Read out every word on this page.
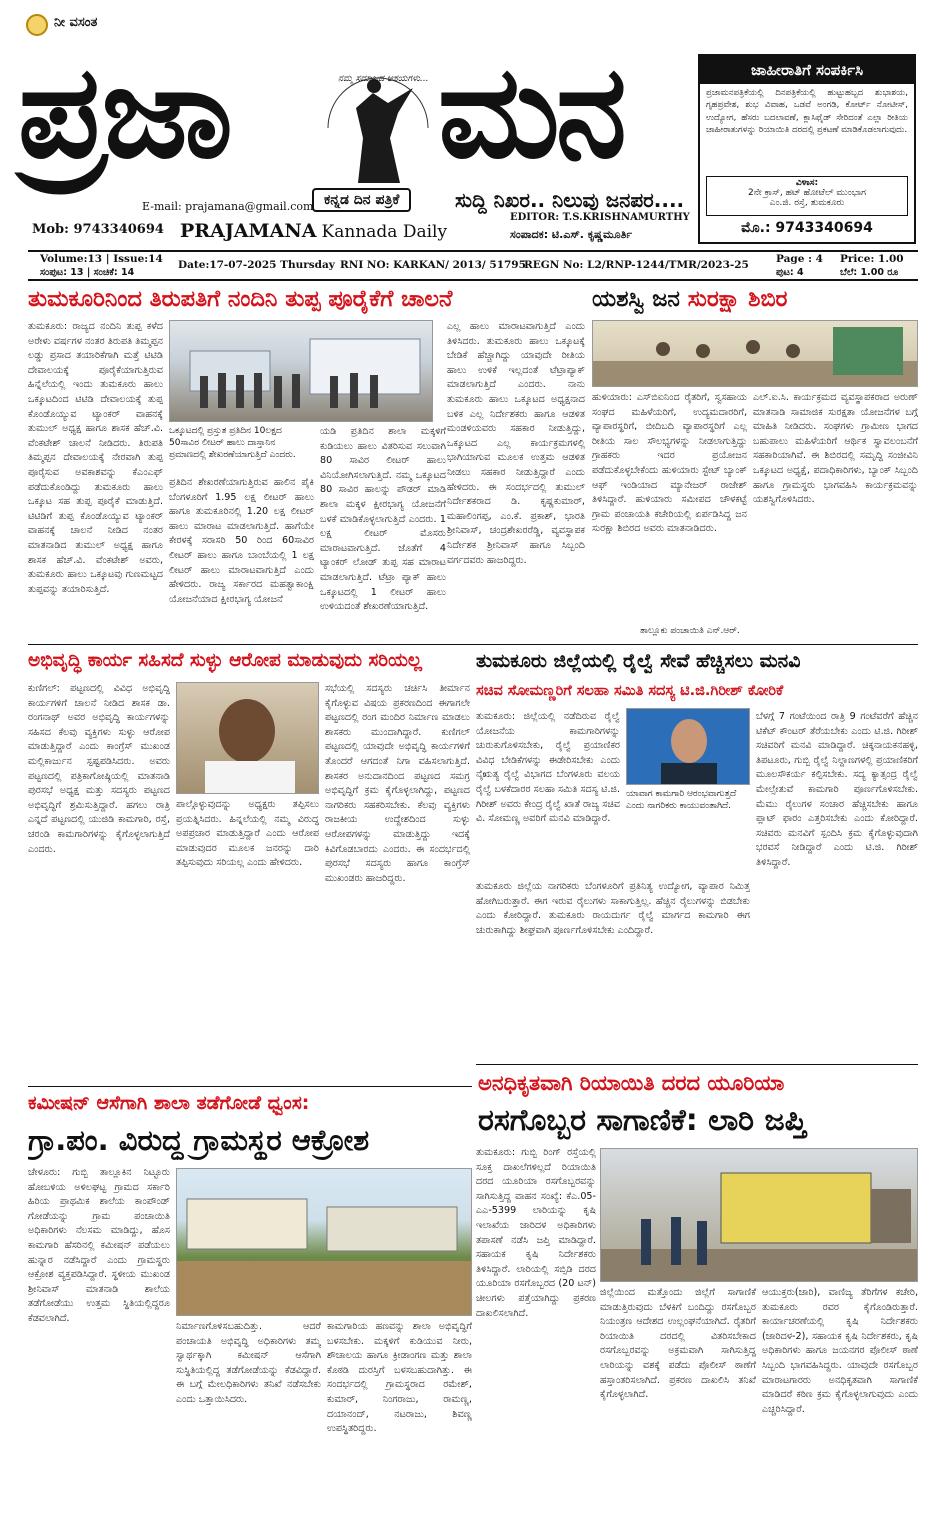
ನೀ ವಸಂತ
ಪ್ರಜಾ	ನಮ್ಮ ಸಮಾಜದ ಆಶಯಗಳು... ಮನ
ಕನ್ನಡ ದಿನ ಪತ್ರಿಕೆ	ಸುದ್ದಿ ನಿಖರ.. ನಿಲುವು ಜನಪರ....
E-mail: prajamana@gmail.com
Mob: 9743340694 PRAJAMANA Kannada Daily
EDITOR: T.S.KRISHNAMURTHY
ಸಂಪಾದಕ: ಟಿ.ಎಸ್. ಕೃಷ್ಣಮೂರ್ತಿ
ಜಾಹೀರಾತಿಗೆ ಸಂಪರ್ಕಿಸಿ
ಪ್ರಜಾಮನಪತ್ರಿಕೆಯಲ್ಲಿ ದಿನಪತ್ರಿಕೆಯಲ್ಲಿ ಹುಟ್ಟುಹಬ್ಬದ ಶುಭಾಶಯ, ಗೃಹಪ್ರವೇಶ, ಶುಭ ವಿವಾಹ, ಒಡವೆ ಅಂಗಡಿ, ಕೋರ್ಟ್ ನೋಟೀಸ್, ಉದ್ಯೋಗ, ಹೆಸರು ಬದಲಾವಣೆ, ಕ್ಲಾಸಿಫೈಡ್ ಸೇರಿದಂತೆ ಎಲ್ಲಾ ರೀತಿಯ ಜಾಹೀರಾತುಗಳನ್ನು ರಿಯಾಯಿತಿ ದರದಲ್ಲಿ ಪ್ರಕಟಣೆ ಮಾಡಿಕೊಡಲಾಗುವುದು.
ವಿಳಾಸ:
2ನೇ ಕ್ರಾಸ್, ಹಟ್ ಹೋಟೆಲ್ ಮುಂಭಾಗ
ಎಂ.ಜಿ. ರಸ್ತೆ, ತುಮಕೂರು
ಮೊ.: 9743340694
Volume:13 | Issue:14
ಸಂಪುಟ: 13 | ಸಂಚಿಕೆ: 14
Date:17-07-2025 Thursday RNI NO: KARKAN/ 2013/ 51795
REGN No: L2/RNP-1244/TMR/2023-25	Page : 4
ಪುಟ: 4
Price: 1.00
ಬೆಲೆ: 1.00 ರೂ
ತುಮಕೂರಿನಿಂದ ತಿರುಪತಿಗೆ ನಂದಿನಿ ತುಪ್ಪ ಪೂರೈಕೆಗೆ ಚಾಲನೆ
ತುಮಕೂರು: ರಾಜ್ಯದ ನಂದಿನಿ ತುಪ್ಪ ಕಳೆದ ಅರೇಳು ವರ್ಷಗಳ ನಂತರ ತಿರುಪತಿ ತಿಮ್ಮಪ್ಪನ ಲಡ್ಡು ಪ್ರಸಾದ ತಯಾರಿಕೆಗಾಗಿ ಮತ್ತೆ ಟಿಟಿಡಿ ದೇವಾಲಯಕ್ಕೆ ಪೂರೈಕೆಯಾಗುತ್ತಿರುವ ಹಿನ್ನೆಲೆಯಲ್ಲಿ ಇಂದು ತುಮಕೂರು ಹಾಲು ಒಕ್ಕೂಟದಿಂದ ಟಿಟಿಡಿ ದೇವಾಲಯಕ್ಕೆ ತುಪ್ಪ ಕೊಂಡೊಯ್ಯುವ ಟ್ಯಾಂಕರ್ ವಾಹನಕ್ಕೆ ತುಮುಲ್ ಅಧ್ಯಕ್ಷ ಹಾಗೂ ಶಾಸಕ ಹೆಚ್.ವಿ. ವೆಂಕಟೇಶ್ ಚಾಲನೆ ನೀಡಿದರು. ತಿರುಪತಿ ತಿಮ್ಮಪ್ಪನ ದೇವಾಲಯಕ್ಕೆ ನೇರವಾಗಿ ತುಪ್ಪ ಪೂರೈಸುವ ಅವಕಾಶವನ್ನು ಕೆಎಂಎಫ್ ಪಡೆದುಕೊಂಡಿದ್ದು ತುಮಕೂರು ಹಾಲು ಒಕ್ಕೂಟ ಸಹ ತುಪ್ಪ ಪೂರೈಕೆ ಮಾಡುತ್ತಿದೆ. ಟಿಟಿಡಿಗೆ ತುಪ್ಪ ಕೊಂಡೊಯ್ಯುವ ಟ್ಯಾಂಕರ್ ವಾಹನಕ್ಕೆ ಚಾಲನೆ ನೀಡಿದ ನಂತರ ಮಾತನಾಡಿದ ತುಮುಲ್ ಅಧ್ಯಕ್ಷ ಹಾಗೂ ಶಾಸಕ ಹೆಚ್.ವಿ. ವೆಂಕಟೇಶ್ ಅವರು, ತುಮಕೂರು ಹಾಲು ಒಕ್ಕೂಟವು ಗುಣಮಟ್ಟದ ತುಪ್ಪವನ್ನು ತಯಾರಿಸುತ್ತಿದೆ.
ಒಕ್ಕೂಟದಲ್ಲಿ ಪ್ರಸ್ತುತ ಪ್ರತಿದಿನ 10ಲಕ್ಷದ 50ಸಾವಿರ ಲೀಟರ್ ಹಾಲು ದಾಸ್ತಾನಿನ ಪ್ರಮಾಣದಲ್ಲಿ ಶೇಖರಣೆಯಾಗುತ್ತಿದೆ ಎಂದರು.
ಪ್ರತಿದಿನ ಶೇಖರಣೆಯಾಗುತ್ತಿರುವ ಹಾಲಿನ ಪೈಕಿ ಬೆಂಗಳೂರಿಗೆ 1.95 ಲಕ್ಷ ಲೀಟರ್ ಹಾಲು ಹಾಗೂ ತುಮಕೂರಿನಲ್ಲಿ 1.20 ಲಕ್ಷ ಲೀಟರ್ ಹಾಲು ಮಾರಾಟ ಮಾಡಲಾಗುತ್ತಿದೆ. ಹಾಗೆಯೇ ಕೇರಳಕ್ಕೆ ಸರಾಸರಿ 50 ರಿಂದ 60ಸಾವಿರ ಲೀಟರ್ ಹಾಲು ಹಾಗೂ ಬಾಂಬೆಯಲ್ಲಿ 1 ಲಕ್ಷ ಲೀಟರ್ ಹಾಲು ಮಾರಾಟವಾಗುತ್ತಿದೆ ಎಂದು ಹೇಳಿದರು. ರಾಜ್ಯ ಸರ್ಕಾರದ ಮಹತ್ವಾಕಾಂಕ್ಷಿ ಯೋಜನೆಯಾದ ಕ್ಷೀರಭಾಗ್ಯ ಯೋಜನೆ
ಯಡಿ ಪ್ರತಿದಿನ ಶಾಲಾ ಮಕ್ಕಳಿಗೆ ಕುಡಿಯಲು ಹಾಲು ವಿತರಿಸುವ ಸಲುವಾಗಿ 80 ಸಾವಿರ ಲೀಟರ್ ಹಾಲು ವಿನಿಯೋಗಿಸಲಾಗುತ್ತಿದೆ. ನಮ್ಮ ಒಕ್ಕೂಟದ 80 ಸಾವಿರ ಹಾಲನ್ನು ಪೌಡರ್ ಮಾಡಿ ಶಾಲಾ ಮಕ್ಕಳ ಕ್ಷೀರಭಾಗ್ಯ ಯೋಜನೆಗೆ ಬಳಕೆ ಮಾಡಿಕೊಳ್ಳಲಾಗುತ್ತಿದೆ ಎಂದರು. 1 ಲಕ್ಷ ಲೀಟರ್ ಮೊಸರು ಮಾರಾಟವಾಗುತ್ತಿದೆ. ಜೊತೆಗೆ 4 ಟ್ಯಾಂಕರ್ ಲೋಡ್ ತುಪ್ಪ ಸಹ ಮಾರಾಟ ಮಾಡಲಾಗುತ್ತಿದೆ. ಟೆಟ್ರಾ ಪ್ಯಾಕ್ ಹಾಲು ಒಕ್ಕೂಟದಲ್ಲಿ 1 ಲೀಟರ್ ಹಾಲು ಉಳಿಯದಂತೆ ಶೇಖರಣೆಯಾಗುತ್ತಿದೆ.
ಎಲ್ಲ ಹಾಲು ಮಾರಾಟವಾಗುತ್ತಿದೆ ಎಂದು ತಿಳಿಸಿದರು. ತುಮಕೂರು ಹಾಲು ಒಕ್ಕೂಟಕ್ಕೆ ಬೇಡಿಕೆ ಹೆಚ್ಚಾಗಿದ್ದು ಯಾವುದೇ ರೀತಿಯ ಹಾಲು ಉಳಿಕೆ ಇಲ್ಲದಂತೆ ಟೆಟ್ರಾಪ್ಯಾಕ್ ಮಾಡಲಾಗುತ್ತಿದೆ ಎಂದರು. ನಾನು ತುಮಕೂರು ಹಾಲು ಒಕ್ಕೂಟದ ಅಧ್ಯಕ್ಷನಾದ ಬಳಿಕ ಎಲ್ಲ ನಿರ್ದೇಶಕರು ಹಾಗೂ ಆಡಳಿತ ಮಂಡಳಿಯವರು ಸಹಕಾರ ನೀಡುತ್ತಿದ್ದು, ಒಕ್ಕೂಟದ ಎಲ್ಲ ಕಾರ್ಯಕ್ರಮಗಳಲ್ಲಿ ಭಾಗಿಯಾಗುವ ಮೂಲಕ ಉತ್ತಮ ಆಡಳಿತ ನೀಡಲು ಸಹಕಾರ ನೀಡುತ್ತಿದ್ದಾರೆ ಎಂದು ಹೇಳಿದರು. ಈ ಸಂದರ್ಭದಲ್ಲಿ ತುಮುಲ್ ನಿರ್ದೇಶಕರಾದ ಡಿ. ಕೃಷ್ಣಕುಮಾರ್, ಮಹಾಲಿಂಗಪ್ಪ, ಎಂ.ಕೆ. ಪ್ರಕಾಶ್, ಭಾರತಿ ಶ್ರೀನಿವಾಸ್, ಚಂದ್ರಶೇಖರರೆಡ್ಡಿ, ವ್ಯವಸ್ಥಾಪಕ ನಿರ್ದೇಶಕ ಶ್ರೀನಿವಾಸ್ ಹಾಗೂ ಸಿಬ್ಬಂದಿ ವರ್ಗದವರು ಹಾಜರಿದ್ದರು.
ಯಶಸ್ವಿ ಜನ ಸುರಕ್ಷಾ ಶಿಬಿರ
ಹುಳಿಯಾರು: ಎಸ್‌ಬಿಐನಿಂದ ರೈತರಿಗೆ, ಸ್ವಸಹಾಯ ಸಂಘದ ಮಹಿಳೆಯರಿಗೆ, ಉದ್ಯಮದಾರರಿಗೆ, ವ್ಯಾಪಾರಸ್ಥರಿಗೆ, ಬೀದಿಬದಿ ವ್ಯಾಪಾರಸ್ಥರಿಗೆ ಎಲ್ಲ ರೀತಿಯ ಸಾಲ ಸೌಲಭ್ಯಗಳನ್ನು ನೀಡಲಾಗುತ್ತಿದ್ದು ಗ್ರಾಹಕರು ಇದರ ಪ್ರಯೋಜನ ಪಡೆದುಕೊಳ್ಳಬೇಕೆಂದು ಹುಳಿಯಾರು ಸ್ಟೇಟ್ ಬ್ಯಾಂಕ್ ಆಫ್ ಇಂಡಿಯಾದ ಮ್ಯಾನೇಜರ್ ರಾಜೇಶ್ ತಿಳಿಸಿದ್ದಾರೆ. ಹುಳಿಯಾರು ಸಮೀಪದ ಚೌಳಕಟ್ಟೆ ಗ್ರಾಮ ಪಂಚಾಯತಿ ಕಚೇರಿಯಲ್ಲಿ ಏರ್ಪಡಿಸಿದ್ದ ಜನ ಸುರಕ್ಷಾ ಶಿಬಿರದ ಅವರು ಮಾತನಾಡಿದರು.
ಎಲ್.ಐ.ಸಿ. ಕಾರ್ಯಕ್ರಮದ ವ್ಯವಸ್ಥಾಪಕರಾದ ಅರುಣ್ ಮಾತನಾಡಿ ಸಾಮಾಜಿಕ ಸುರಕ್ಷತಾ ಯೋಜನೆಗಳ ಬಗ್ಗೆ ಮಾಹಿತಿ ನೀಡಿದರು. ಸಂಘಗಳು ಗ್ರಾಮೀಣ ಭಾಗದ ಬಹುಪಾಲು ಮಹಿಳೆಯರಿಗೆ ಆರ್ಥಿಕ ಸ್ವಾವಲಂಬನೆಗೆ ಸಹಕಾರಿಯಾಗಿವೆ. ಈ ಶಿಬಿರದಲ್ಲಿ ಸಮೃದ್ಧಿ ಸಂಜೀವಿನಿ ಒಕ್ಕೂಟದ ಅಧ್ಯಕ್ಷೆ, ಪದಾಧಿಕಾರಿಗಳು, ಬ್ಯಾಂಕ್ ಸಿಬ್ಬಂದಿ ಹಾಗೂ ಗ್ರಾಮಸ್ಥರು ಭಾಗವಹಿಸಿ ಕಾರ್ಯಕ್ರಮವನ್ನು ಯಶಸ್ವಿಗೊಳಿಸಿದರು.
ತಾಲ್ಲೂಕು ಪಂಚಾಯಿತಿ ಎನ್.ಆರ್.
ಅಭಿವೃದ್ಧಿ ಕಾರ್ಯ ಸಹಿಸದೆ ಸುಳ್ಳು ಆರೋಪ ಮಾಡುವುದು ಸರಿಯಲ್ಲ
ಕುಣಿಗಲ್: ಪಟ್ಟಣದಲ್ಲಿ ವಿವಿಧ ಅಭಿವೃದ್ಧಿ ಕಾರ್ಯಗಳಿಗೆ ಚಾಲನೆ ನೀಡಿದ ಶಾಸಕ ಡಾ. ರಂಗನಾಥ್ ಅವರ ಅಭಿವೃದ್ಧಿ ಕಾರ್ಯಗಳನ್ನು ಸಹಿಸದ ಕೆಲವು ವ್ಯಕ್ತಿಗಳು ಸುಳ್ಳು ಆರೋಪ ಮಾಡುತ್ತಿದ್ದಾರೆ ಎಂದು ಕಾಂಗ್ರೆಸ್ ಮುಖಂಡ ಮಲ್ಲಿಕಾರ್ಜುನ ಸ್ಪಷ್ಟಪಡಿಸಿದರು. ಅವರು ಪಟ್ಟಣದಲ್ಲಿ ಪತ್ರಿಕಾಗೋಷ್ಠಿಯಲ್ಲಿ ಮಾತನಾಡಿ ಪುರಸಭೆ ಅಧ್ಯಕ್ಷ ಮತ್ತು ಸದಸ್ಯರು ಪಟ್ಟಣದ ಅಭಿವೃದ್ಧಿಗೆ ಶ್ರಮಿಸುತ್ತಿದ್ದಾರೆ. ಹಗಲು ರಾತ್ರಿ ಎನ್ನದೆ ಪಟ್ಟಣದಲ್ಲಿ ಯುಜಿಡಿ ಕಾಮಗಾರಿ, ರಸ್ತೆ, ಚರಂಡಿ ಕಾಮಗಾರಿಗಳನ್ನು ಕೈಗೊಳ್ಳಲಾಗುತ್ತಿದೆ ಎಂದರು.
ಪಾಲ್ಗೊಳ್ಳುವುದನ್ನು ಅಧ್ಯಕ್ಷರು ತಪ್ಪಿಸಲು ಪ್ರಯತ್ನಿಸಿದರು. ಹಿನ್ನಲೆಯಲ್ಲಿ ನಮ್ಮ ವಿರುದ್ಧ ಅಪಪ್ರಚಾರ ಮಾಡುತ್ತಿದ್ದಾರೆ ಎಂದು ಆರೋಪ ಮಾಡುವುದರ ಮೂಲಕ ಜನರನ್ನು ದಾರಿ ತಪ್ಪಿಸುವುದು ಸರಿಯಲ್ಲ ಎಂದು ಹೇಳಿದರು.
ಸಭೆಯಲ್ಲಿ ಸದಸ್ಯರು ಚರ್ಚಿಸಿ ತೀರ್ಮಾನ ಕೈಗೊಳ್ಳುವ ವಿಷಯ ಪ್ರಕರಣದಿಂದ ಈಗಾಗಲೇ ಪಟ್ಟಣದಲ್ಲಿ ರಂಗ ಮಂದಿರ ನಿರ್ಮಾಣ ಮಾಡಲು ಶಾಸಕರು ಮುಂದಾಗಿದ್ದಾರೆ. ಕುಣಿಗಲ್ ಪಟ್ಟಣದಲ್ಲಿ ಯಾವುದೇ ಅಭಿವೃದ್ಧಿ ಕಾರ್ಯಗಳಿಗೆ ತೊಂದರೆ ಆಗದಂತೆ ನಿಗಾ ವಹಿಸಲಾಗುತ್ತಿದೆ. ಶಾಸಕರ ಅನುದಾನದಿಂದ ಪಟ್ಟಣದ ಸಮಗ್ರ ಅಭಿವೃದ್ಧಿಗೆ ಕ್ರಮ ಕೈಗೊಳ್ಳಲಾಗಿದ್ದು, ಪಟ್ಟಣದ ನಾಗರಿಕರು ಸಹಕರಿಸಬೇಕು. ಕೆಲವು ವ್ಯಕ್ತಿಗಳು ರಾಜಕೀಯ ಉದ್ದೇಶದಿಂದ ಸುಳ್ಳು ಆರೋಪಗಳನ್ನು ಮಾಡುತ್ತಿದ್ದು ಇದಕ್ಕೆ ಕಿವಿಗೊಡಬಾರದು ಎಂದರು. ಈ ಸಂದರ್ಭದಲ್ಲಿ ಪುರಸಭೆ ಸದಸ್ಯರು ಹಾಗೂ ಕಾಂಗ್ರೆಸ್ ಮುಖಂಡರು ಹಾಜರಿದ್ದರು.
ತುಮಕೂರು ಜಿಲ್ಲೆಯಲ್ಲಿ ರೈಲ್ವೆ ಸೇವೆ ಹೆಚ್ಚಿಸಲು ಮನವಿ
ಸಚಿವ ಸೋಮಣ್ಣರಿಗೆ ಸಲಹಾ ಸಮಿತಿ ಸದಸ್ಯ ಟಿ.ಜಿ.ಗಿರೀಶ್ ಕೋರಿಕೆ
ತುಮಕೂರು: ಜಿಲ್ಲೆಯಲ್ಲಿ ನಡೆದಿರುವ ರೈಲ್ವೆ ಯೋಜನೆಯ ಕಾಮಗಾರಿಗಳನ್ನು ಚುರುಕುಗೊಳಿಸಬೇಕು, ರೈಲ್ವೆ ಪ್ರಯಾಣಿಕರ ವಿವಿಧ ಬೇಡಿಕೆಗಳನ್ನು ಈಡೇರಿಸಬೇಕು ಎಂದು ನೈಋತ್ಯ ರೈಲ್ವೆ ವಿಭಾಗದ ಬೆಂಗಳೂರು ವಲಯ ರೈಲ್ವೆ ಬಳಕೆದಾರರ ಸಲಹಾ ಸಮಿತಿ ಸದಸ್ಯ ಟಿ.ಜಿ. ಗಿರೀಶ್ ಅವರು ಕೇಂದ್ರ ರೈಲ್ವೆ ಖಾತೆ ರಾಜ್ಯ ಸಚಿವ ವಿ. ಸೋಮಣ್ಣ ಅವರಿಗೆ ಮನವಿ ಮಾಡಿದ್ದಾರೆ.
ಯಾವಾಗ ಕಾಮಗಾರಿ ಆರಂಭವಾಗುತ್ತದೆ ಎಂದು ನಾಗರಿಕರು ಕಾಯುವಂತಾಗಿದೆ.
ತುಮಕೂರು ಜಿಲ್ಲೆಯ ನಾಗರಿಕರು ಬೆಂಗಳೂರಿಗೆ ಪ್ರತಿನಿತ್ಯ ಉದ್ಯೋಗ, ವ್ಯಾಪಾರ ನಿಮಿತ್ತ ಹೋಗಿಬರುತ್ತಾರೆ. ಈಗ ಇರುವ ರೈಲುಗಳು ಸಾಕಾಗುತ್ತಿಲ್ಲ. ಹೆಚ್ಚಿನ ರೈಲುಗಳನ್ನು ಬಿಡಬೇಕು ಎಂದು ಕೋರಿದ್ದಾರೆ. ತುಮಕೂರು ರಾಯದುರ್ಗ ರೈಲ್ವೆ ಮಾರ್ಗದ ಕಾಮಗಾರಿ ಈಗ ಚುರುಕಾಗಿದ್ದು ಶೀಘ್ರವಾಗಿ ಪೂರ್ಣಗೊಳಿಸಬೇಕು ಎಂದಿದ್ದಾರೆ.
ಬೆಳಗ್ಗೆ 7 ಗಂಟೆಯಿಂದ ರಾತ್ರಿ 9 ಗಂಟೆವರೆಗೆ ಹೆಚ್ಚಿನ ಟಿಕೆಟ್ ಕೌಂಟರ್ ತೆರೆಯಬೇಕು ಎಂದು ಟಿ.ಜಿ. ಗಿರೀಶ್ ಸಚಿವರಿಗೆ ಮನವಿ ಮಾಡಿದ್ದಾರೆ. ಚಿಕ್ಕನಾಯಕನಹಳ್ಳಿ, ತಿಪಟೂರು, ಗುಬ್ಬಿ ರೈಲ್ವೆ ನಿಲ್ದಾಣಗಳಲ್ಲಿ ಪ್ರಯಾಣಿಕರಿಗೆ ಮೂಲಸೌಕರ್ಯ ಕಲ್ಪಿಸಬೇಕು. ಸದ್ಯ ಕ್ಯಾತ್ಸಂದ್ರ ರೈಲ್ವೆ ಮೇಲ್ಸೇತುವೆ ಕಾಮಗಾರಿ ಪೂರ್ಣಗೊಳಿಸಬೇಕು. ಮೆಮು ರೈಲುಗಳ ಸಂಚಾರ ಹೆಚ್ಚಿಸಬೇಕು ಹಾಗೂ ಪ್ಲಾಟ್ ಫಾರಂ ಎತ್ತರಿಸಬೇಕು ಎಂದು ಕೋರಿದ್ದಾರೆ. ಸಚಿವರು ಮನವಿಗೆ ಸ್ಪಂದಿಸಿ ಕ್ರಮ ಕೈಗೊಳ್ಳುವುದಾಗಿ ಭರವಸೆ ನೀಡಿದ್ದಾರೆ ಎಂದು ಟಿ.ಜಿ. ಗಿರೀಶ್ ತಿಳಿಸಿದ್ದಾರೆ.
ಅನಧಿಕೃತವಾಗಿ ರಿಯಾಯಿತಿ ದರದ ಯೂರಿಯಾ
ಕಮೀಷನ್ ಆಸೆಗಾಗಿ ಶಾಲಾ ತಡೆಗೋಡೆ ಧ್ವಂಸ:
ಗ್ರಾ.ಪಂ. ವಿರುದ್ಧ ಗ್ರಾಮಸ್ಥರ ಆಕ್ರೋಶ
ಚೇಳೂರು: ಗುಬ್ಬಿ ತಾಲ್ಲೂಕಿನ ನಿಟ್ಟೂರು ಹೋಬಳಿಯ ಅಳಿಲಘಟ್ಟ ಗ್ರಾಮದ ಸರ್ಕಾರಿ ಹಿರಿಯ ಪ್ರಾಥಮಿಕ ಶಾಲೆಯ ಕಾಂಪೌಂಡ್ ಗೋಡೆಯನ್ನು ಗ್ರಾಮ ಪಂಚಾಯಿತಿ ಅಧಿಕಾರಿಗಳು ನೆಲಸಮ ಮಾಡಿದ್ದು, ಹೊಸ ಕಾಮಗಾರಿ ಹೆಸರಿನಲ್ಲಿ ಕಮೀಷನ್ ಪಡೆಯಲು ಹುನ್ನಾರ ನಡೆಸಿದ್ದಾರೆ ಎಂದು ಗ್ರಾಮಸ್ಥರು ಆಕ್ರೋಶ ವ್ಯಕ್ತಪಡಿಸಿದ್ದಾರೆ. ಸ್ಥಳೀಯ ಮುಖಂಡ ಶ್ರೀನಿವಾಸ್ ಮಾತನಾಡಿ ಶಾಲೆಯ ತಡೆಗೋಡೆಯು ಉತ್ತಮ ಸ್ಥಿತಿಯಲ್ಲಿದ್ದರೂ ಕೆಡವಲಾಗಿದೆ.
ನಿರ್ಮಾಣಗೊಳಿಸಬಹುದಿತ್ತು. ಆದರೆ ಪಂಚಾಯತಿ ಅಭಿವೃದ್ಧಿ ಅಧಿಕಾರಿಗಳು ತಮ್ಮ ಸ್ವಾರ್ಥಕ್ಕಾಗಿ ಕಮೀಷನ್ ಆಸೆಗಾಗಿ ಸುಸ್ಥಿತಿಯಲ್ಲಿದ್ದ ತಡೆಗೋಡೆಯನ್ನು ಕೆಡವಿದ್ದಾರೆ. ಈ ಬಗ್ಗೆ ಮೇಲಧಿಕಾರಿಗಳು ತನಿಖೆ ನಡೆಸಬೇಕು ಎಂದು ಒತ್ತಾಯಿಸಿದರು.
ಕಾಮಗಾರಿಯ ಹಣವನ್ನು ಶಾಲಾ ಅಭಿವೃದ್ಧಿಗೆ ಬಳಸಬೇಕು. ಮಕ್ಕಳಿಗೆ ಕುಡಿಯುವ ನೀರು, ಶೌಚಾಲಯ ಹಾಗೂ ಕ್ರೀಡಾಂಗಣ ಮತ್ತು ಶಾಲಾ ಕೊಠಡಿ ದುರಸ್ತಿಗೆ ಬಳಸಬಹುದಾಗಿತ್ತು. ಈ ಸಂದರ್ಭದಲ್ಲಿ ಗ್ರಾಮಸ್ಥರಾದ ರಮೇಶ್, ಕುಮಾರ್, ನಿಂಗರಾಜು, ರಾಮಣ್ಣ, ದಯಾನಂದ್, ನಟರಾಜು, ಶಿವಣ್ಣ ಉಪಸ್ಥಿತರಿದ್ದರು.
ರಸಗೊಬ್ಬರ ಸಾಗಾಣಿಕೆ: ಲಾರಿ ಜಪ್ತಿ
ತುಮಕೂರು: ಗುಬ್ಬಿ ರಿಂಗ್ ರಸ್ತೆಯಲ್ಲಿ ಸೂಕ್ತ ದಾಖಲೆಗಳಿಲ್ಲದೆ ರಿಯಾಯಿತಿ ದರದ ಯೂರಿಯಾ ರಸಗೊಬ್ಬರವನ್ನು ಸಾಗಿಸುತ್ತಿದ್ದ ವಾಹನ ಸಂಖ್ಯೆ: ಕೆಎ.05-ಎಎ-5399 ಲಾರಿಯನ್ನು ಕೃಷಿ ಇಲಾಖೆಯ ಜಾರಿದಳ ಅಧಿಕಾರಿಗಳು ತಪಾಸಣೆ ನಡೆಸಿ ಜಪ್ತಿ ಮಾಡಿದ್ದಾರೆ. ಸಹಾಯಕ ಕೃಷಿ ನಿರ್ದೇಶಕರು ತಿಳಿಸಿದ್ದಾರೆ. ಲಾರಿಯಲ್ಲಿ ಸಬ್ಸಿಡಿ ದರದ ಯೂರಿಯಾ ರಸಗೊಬ್ಬರದ (20 ಟನ್) ಚೀಲಗಳು ಪತ್ತೆಯಾಗಿದ್ದು ಪ್ರಕರಣ ದಾಖಲಿಸಲಾಗಿದೆ.
ಜಿಲ್ಲೆಯಿಂದ ಮತ್ತೊಂದು ಜಿಲ್ಲೆಗೆ ಸಾಗಾಣಿಕೆ ಮಾಡುತ್ತಿರುವುದು ಬೆಳಕಿಗೆ ಬಂದಿದ್ದು ರಸಗೊಬ್ಬರ ನಿಯಂತ್ರಣ ಆದೇಶದ ಉಲ್ಲಂಘನೆಯಾಗಿದೆ. ರೈತರಿಗೆ ರಿಯಾಯಿತಿ ದರದಲ್ಲಿ ವಿತರಿಸಬೇಕಾದ ರಸಗೊಬ್ಬರವನ್ನು ಅಕ್ರಮವಾಗಿ ಸಾಗಿಸುತ್ತಿದ್ದ ಲಾರಿಯನ್ನು ವಶಕ್ಕೆ ಪಡೆದು ಪೊಲೀಸ್ ಠಾಣೆಗೆ ಹಸ್ತಾಂತರಿಸಲಾಗಿದೆ. ಪ್ರಕರಣ ದಾಖಲಿಸಿ ತನಿಖೆ ಕೈಗೊಳ್ಳಲಾಗಿದೆ.
ಆಯುಕ್ತರು(ಜಾರಿ), ವಾಣಿಜ್ಯ ತೆರಿಗೆಗಳ ಕಚೇರಿ, ತುಮಕೂರು ರವರ ಕೈಗೊಂಡಿರುತ್ತಾರೆ. ಕಾರ್ಯಾಚರಣೆಯಲ್ಲಿ ಕೃಷಿ ನಿರ್ದೇಶಕರು (ಜಾರಿದಳ-2), ಸಹಾಯಕ ಕೃಷಿ ನಿರ್ದೇಶಕರು, ಕೃಷಿ ಅಧಿಕಾರಿಗಳು ಹಾಗೂ ಜಯನಗರ ಪೊಲೀಸ್ ಠಾಣೆ ಸಿಬ್ಬಂದಿ ಭಾಗವಹಿಸಿದ್ದರು. ಯಾವುದೇ ರಸಗೊಬ್ಬರ ಮಾರಾಟಗಾರರು ಅನಧಿಕೃತವಾಗಿ ಸಾಗಾಣಿಕೆ ಮಾಡಿದರೆ ಕಠಿಣ ಕ್ರಮ ಕೈಗೊಳ್ಳಲಾಗುವುದು ಎಂದು ಎಚ್ಚರಿಸಿದ್ದಾರೆ.
